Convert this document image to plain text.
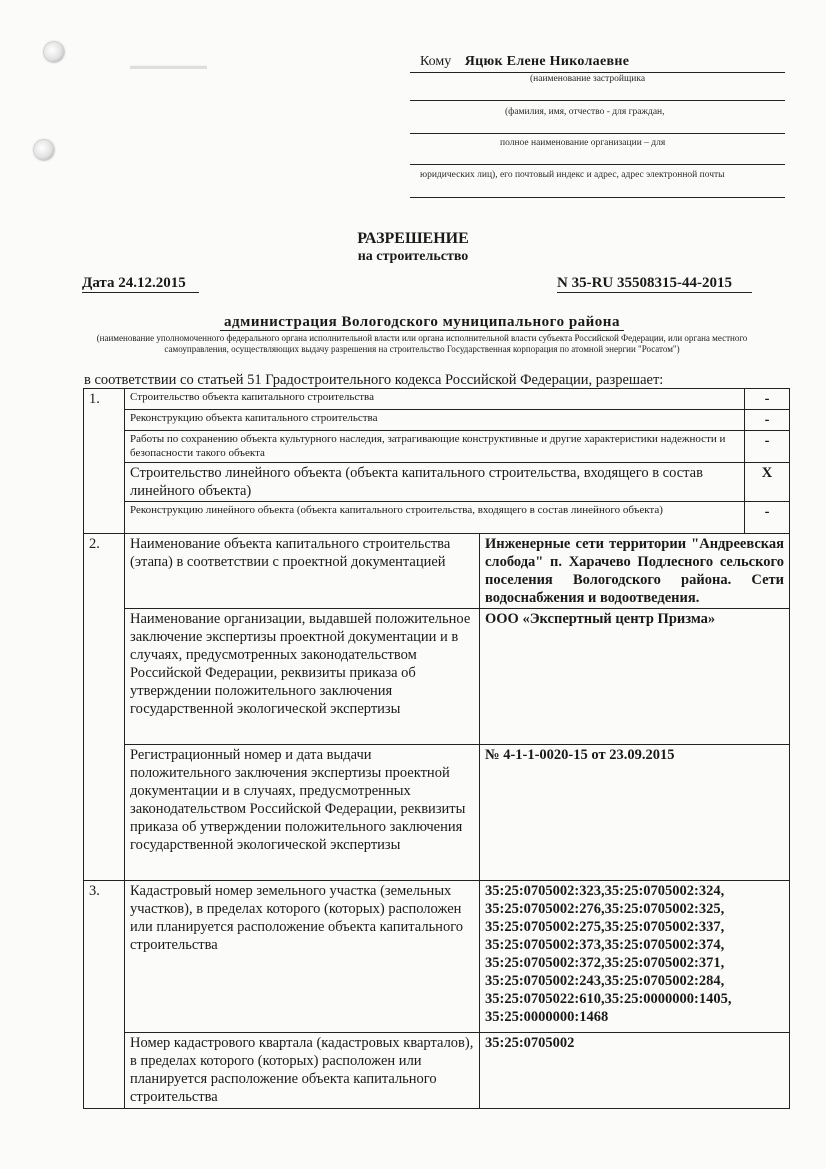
▬▬▬▬▬▬▬	Кому Яцюк Елене Николаевне
(наименование застройщика
(фамилия, имя, отчество - для граждан,
полное наименование организации – для
юридических лиц), его почтовый индекс и адрес, адрес электронной почты
РАЗРЕШЕНИЕ
на строительство
Дата 24.12.2015	N 35-RU 35508315-44-2015
администрация Вологодского муниципального района
(наименование уполномоченного федерального органа исполнительной власти или органа исполнительной власти субъекта Российской Федерации, или органа местного самоуправления, осуществляющих выдачу разрешения на строительство Государственная корпорация по атомной энергии "Росатом")
в соответствии со статьей 51 Градостроительного кодекса Российской Федерации, разрешает:
1.	Строительство объекта капитального строительства		-
	Реконструкцию объекта капитального строительства		-
	Работы по сохранению объекта культурного наследия, затрагивающие конструктивные и другие характеристики надежности и безопасности такого объекта		-
	Строительство линейного объекта (объекта капитального строительства, входящего в состав линейного объекта)		Х
	Реконструкцию линейного объекта (объекта капитального строительства, входящего в состав линейного объекта)		-
2.	Наименование объекта капитального строительства (этапа) в соответствии с проектной документацией	Инженерные сети территории "Андреевская слобода" п. Харачево Подлесного сельского поселения Вологодского района. Сети водоснабжения и водоотведения.	
	Наименование организации, выдавшей положительное заключение экспертизы проектной документации и в случаях, предусмотренных законодательством Российской Федерации, реквизиты приказа об утверждении положительного заключения государственной экологической экспертизы	ООО «Экспертный центр Призма»	
	Регистрационный номер и дата выдачи положительного заключения экспертизы проектной документации и в случаях, предусмотренных законодательством Российской Федерации, реквизиты приказа об утверждении положительного заключения государственной экологической экспертизы	№ 4-1-1-0020-15 от 23.09.2015	
3.	Кадастровый номер земельного участка (земельных участков), в пределах которого (которых) расположен или планируется расположение объекта капитального строительства	35:25:0705002:323,35:25:0705002:324, 35:25:0705002:276,35:25:0705002:325, 35:25:0705002:275,35:25:0705002:337, 35:25:0705002:373,35:25:0705002:374, 35:25:0705002:372,35:25:0705002:371, 35:25:0705002:243,35:25:0705002:284, 35:25:0705022:610,35:25:0000000:1405, 35:25:0000000:1468	
	Номер кадастрового квартала (кадастровых кварталов), в пределах которого (которых) расположен или планируется расположение объекта капитального строительства	35:25:0705002	
